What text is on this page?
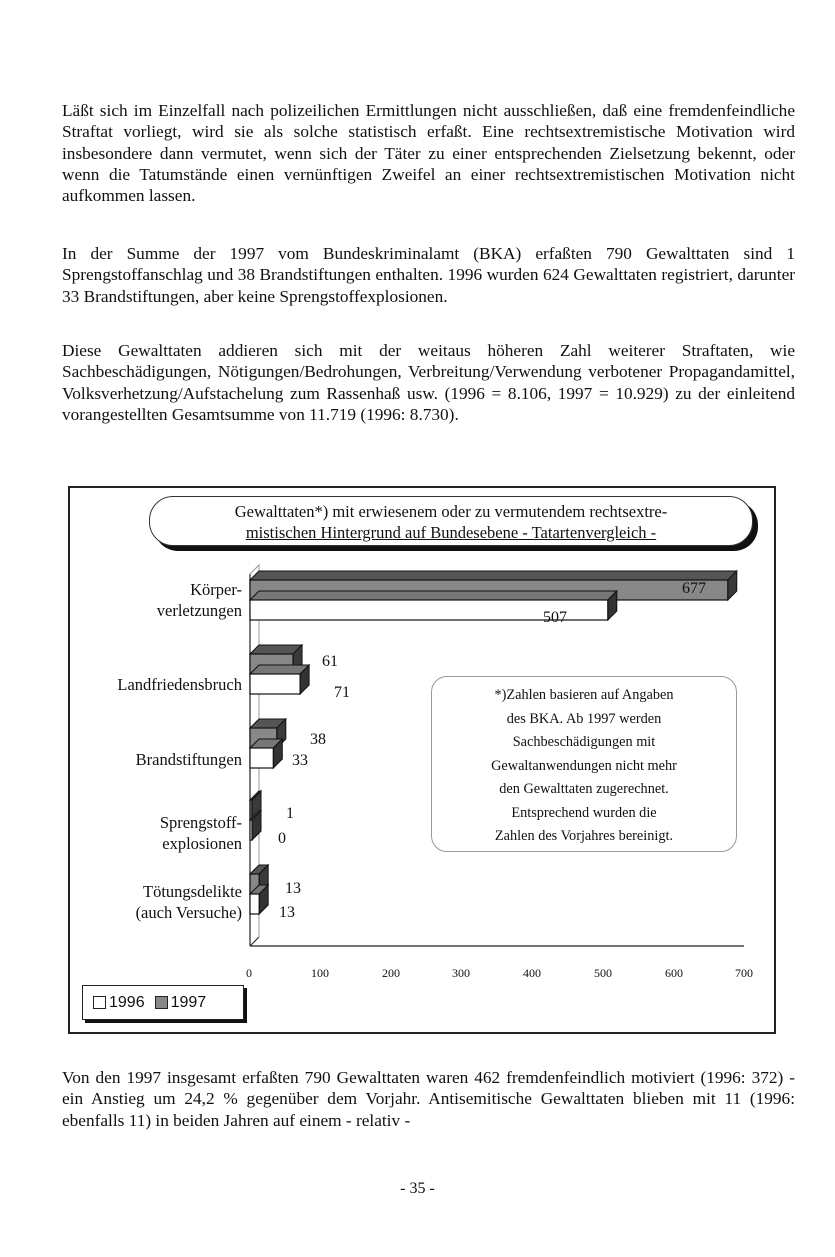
Läßt sich im Einzelfall nach polizeilichen Ermittlungen nicht ausschließen, daß eine fremdenfeindliche Straftat vorliegt, wird sie als solche statistisch erfaßt. Eine rechtsextremistische Motivation wird insbesondere dann vermutet, wenn sich der Täter zu einer entsprechenden Zielsetzung bekennt, oder wenn die Tatumstände einen vernünftigen Zweifel an einer rechtsextremistischen Motivation nicht aufkommen lassen.

In der Summe der 1997 vom Bundeskriminalamt (BKA) erfaßten 790 Gewalttaten sind 1 Sprengstoffanschlag und 38 Brandstiftungen enthalten. 1996 wurden 624 Gewalttaten registriert, darunter 33 Brandstiftungen, aber keine Sprengstoffexplosionen.

Diese Gewalttaten addieren sich mit der weitaus höheren Zahl weiterer Straftaten, wie Sachbeschädigungen, Nötigungen/Bedrohungen, Verbreitung/Verwendung verbotener Propagandamittel, Volksverhetzung/Aufstachelung zum Rassenhaß usw. (1996 = 8.106, 1997 = 10.929) zu der einleitend vorangestellten Gesamtsumme von 11.719 (1996: 8.730).

Gewalttaten*) mit erwiesenem oder zu vermutendem rechtsextre-
mistischen Hintergrund auf Bundesebene - Tatartenvergleich -
Körper-
verletzungen
Landfriedensbruch
Brandstiftungen
Sprengstoff-
explosionen
Tötungsdelikte
(auch Versuche)
677
507
61
71
38
33
1
0
13
13
0	100	200	300	400	500	600	700
*)Zahlen basieren auf Angaben
des BKA. Ab 1997 werden
Sachbeschädigungen mit
Gewaltanwendungen nicht mehr
den Gewalttaten zugerechnet.
Entsprechend wurden die
Zahlen des Vorjahres bereinigt.
1996 1997

Von den 1997 insgesamt erfaßten 790 Gewalttaten waren 462 fremdenfeindlich motiviert (1996: 372) - ein Anstieg um 24,2 % gegenüber dem Vorjahr. Antisemitische Gewalttaten blieben mit 11 (1996: ebenfalls 11) in beiden Jahren auf einem - relativ -

- 35 -
